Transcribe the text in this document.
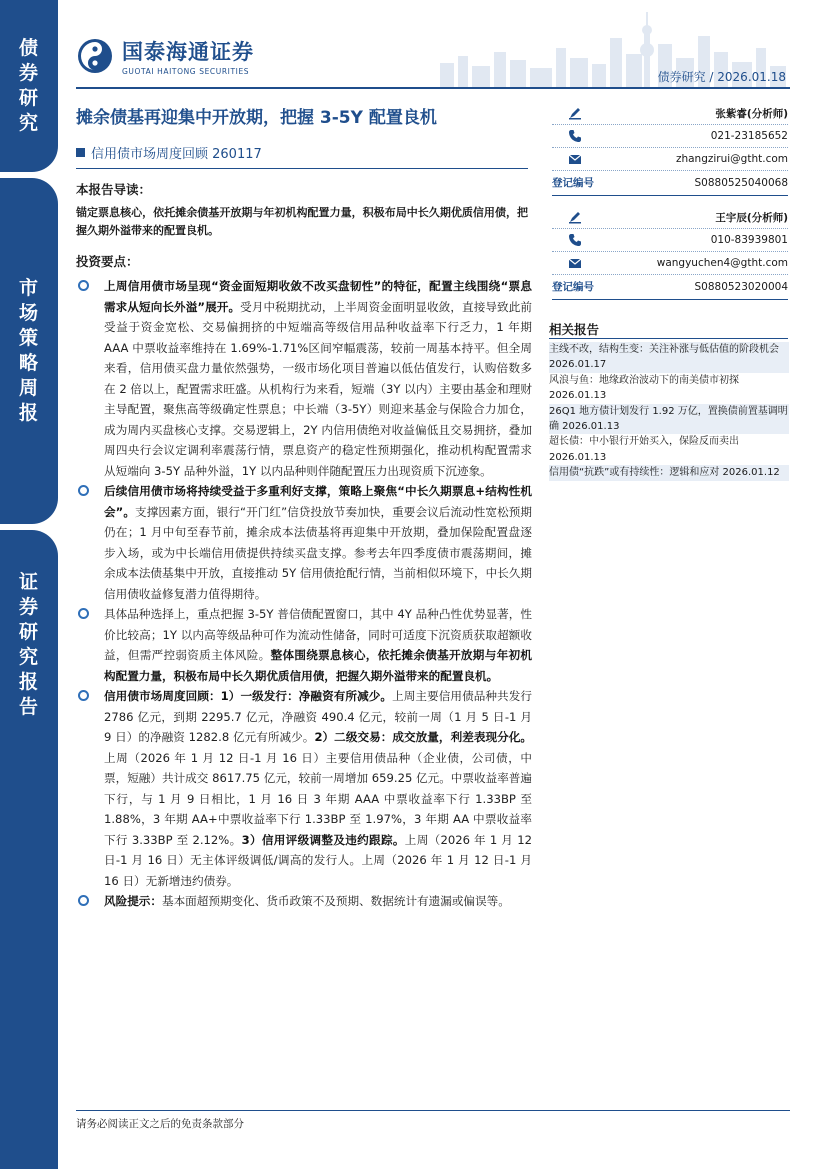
债
券
研
究
市
场
策
略
周
报
证
券
研
究
报
告
国泰海通证券
GUOTAI HAITONG SECURITIES	债券研究 / 2026.01.18
摊余债基再迎集中开放期，把握 3-5Y 配置良机
信用债市场周度回顾 260117
本报告导读：
锚定票息核心，依托摊余债基开放期与年初机构配置力量，积极布局中长久期优质信用债，把握久期外溢带来的配置良机。
投资要点：
上周信用债市场呈现“资金面短期收敛不改买盘韧性”的特征，配置主线围绕“票息需求从短向长外溢”展开。受月中税期扰动，上半周资金面明显收敛，直接导致此前受益于资金宽松、交易偏拥挤的中短端高等级信用品种收益率下行乏力，1 年期 AAA 中票收益率维持在 1.69%-1.71%区间窄幅震荡，较前一周基本持平。但全周来看，信用债买盘力量依然强势，一级市场化项目普遍以低估值发行，认购倍数多在 2 倍以上，配置需求旺盛。从机构行为来看，短端（3Y 以内）主要由基金和理财主导配置，聚焦高等级确定性票息；中长端（3-5Y）则迎来基金与保险合力加仓，成为周内买盘核心支撑。交易逻辑上，2Y 内信用债绝对收益偏低且交易拥挤，叠加周四央行会议定调利率震荡行情，票息资产的稳定性预期强化，推动机构配置需求从短端向 3-5Y 品种外溢，1Y 以内品种则伴随配置压力出现资质下沉迹象。
后续信用债市场将持续受益于多重利好支撑，策略上聚焦“中长久期票息+结构性机会”。支撑因素方面，银行“开门红”信贷投放节奏加快，重要会议后流动性宽松预期仍在；1 月中旬至春节前，摊余成本法债基将再迎集中开放期，叠加保险配置盘逐步入场，或为中长端信用债提供持续买盘支撑。参考去年四季度债市震荡期间，摊余成本法债基集中开放，直接推动 5Y 信用债抢配行情，当前相似环境下，中长久期信用债收益修复潜力值得期待。
具体品种选择上，重点把握 3-5Y 普信债配置窗口，其中 4Y 品种凸性优势显著，性价比较高；1Y 以内高等级品种可作为流动性储备，同时可适度下沉资质获取超额收益，但需严控弱资质主体风险。整体围绕票息核心，依托摊余债基开放期与年初机构配置力量，积极布局中长久期优质信用债，把握久期外溢带来的配置良机。
信用债市场周度回顾：1）一级发行：净融资有所减少。上周主要信用债品种共发行 2786 亿元，到期 2295.7 亿元，净融资 490.4 亿元，较前一周（1 月 5 日-1 月 9 日）的净融资 1282.8 亿元有所减少。2）二级交易：成交放量，利差表现分化。上周（2026 年 1 月 12 日-1 月 16 日）主要信用债品种（企业债，公司债，中票，短融）共计成交 8617.75 亿元，较前一周增加 659.25 亿元。中票收益率普遍下行，与 1 月 9 日相比，1 月 16 日 3 年期 AAA 中票收益率下行 1.33BP 至 1.88%，3 年期 AA+中票收益率下行 1.33BP 至 1.97%，3 年期 AA 中票收益率下行 3.33BP 至 2.12%。3）信用评级调整及违约跟踪。上周（2026 年 1 月 12 日-1 月 16 日）无主体评级调低/调高的发行人。上周（2026 年 1 月 12 日-1 月 16 日）无新增违约债券。
风险提示：基本面超预期变化、货币政策不及预期、数据统计有遗漏或偏误等。
张紫睿(分析师)
021-23185652
zhangzirui@gtht.com
登记编号	S0880525040068
王宇辰(分析师)
010-83939801
wangyuchen4@gtht.com
登记编号	S0880523020004
相关报告
主线不改，结构生变：关注补涨与低估值的阶段机会 2026.01.17
风浪与鱼：地缘政治波动下的南美债市初探 2026.01.13
26Q1 地方债计划发行 1.92 万亿，置换债前置基调明确 2026.01.13
超长债：中小银行开始买入，保险反而卖出 2026.01.13
信用债“抗跌”或有持续性：逻辑和应对 2026.01.12
请务必阅读正文之后的免责条款部分
